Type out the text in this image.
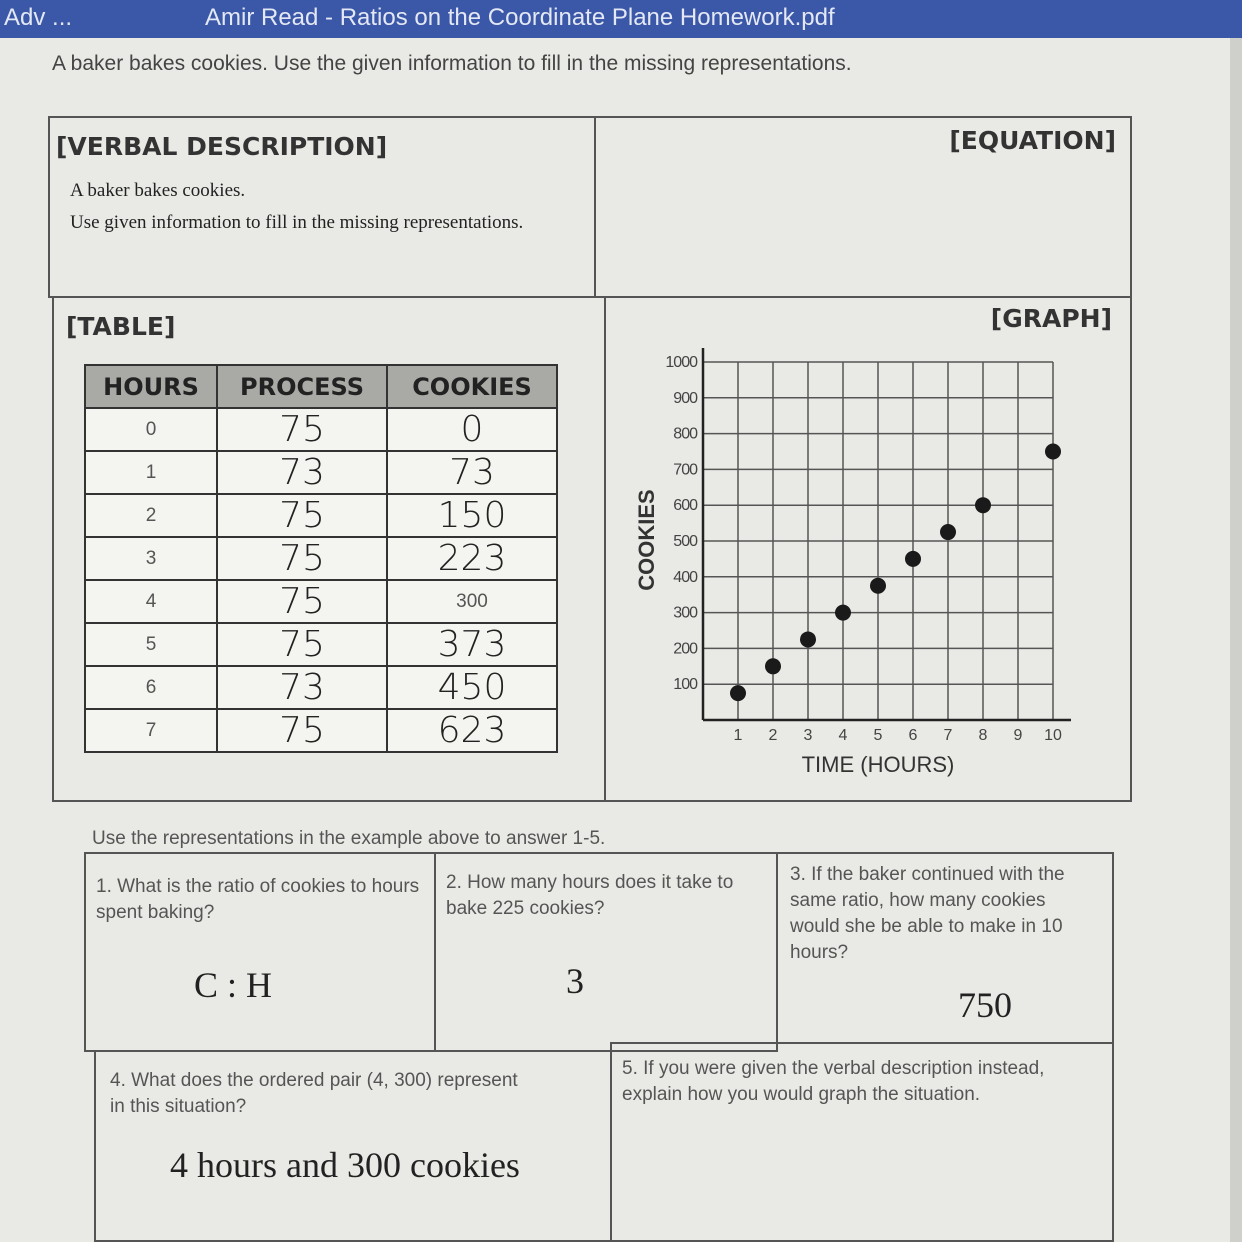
Adv ...	Amir Read - Ratios on the Coordinate Plane Homework.pdf
A baker bakes cookies. Use the given information to fill in the missing representations.
[VERBAL DESCRIPTION]
A baker bakes cookies.
Use given information to fill in the missing representations.
[EQUATION]
[TABLE]	[GRAPH]
HOURS	PROCESS	COOKIES
0	75	0
1	73	73
2	75	150
3	75	223
4	75	300
5	75	373
6	73	450
7	75	623	1 2 3 4 5 6 7 8 9 10
100
200
300
400
500
600
700
800
900
1000
TIME (HOURS)
COOKIES
Use the representations in the example above to answer 1-5.
1. What is the ratio of cookies to hours spent baking?
C : H
2. How many hours does it take to bake 225 cookies?
3
3. If the baker continued with the same ratio, how many cookies would she be able to make in 10 hours?
750
4. What does the ordered pair (4, 300) represent in this situation?
4 hours and 300 cookies
5. If you were given the verbal description instead, explain how you would graph the situation.
